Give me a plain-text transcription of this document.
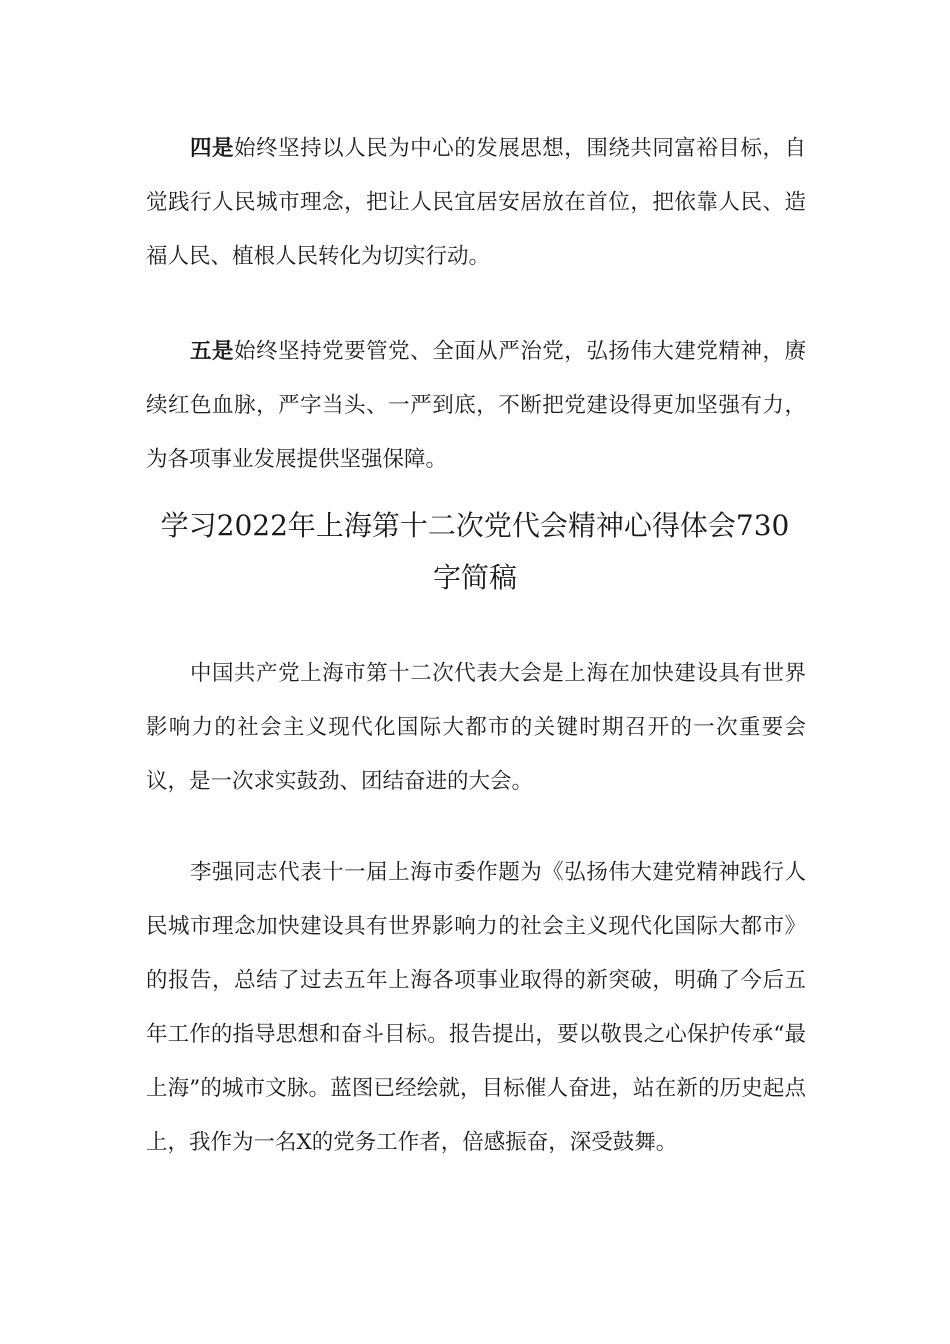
四是始终坚持以人民为中心的发展思想，围绕共同富裕目标，自觉践行人民城市理念，把让人民宜居安居放在首位，把依靠人民、造福人民、植根人民转化为切实行动。

五是始终坚持党要管党、全面从严治党，弘扬伟大建党精神，赓续红色血脉，严字当头、一严到底，不断把党建设得更加坚强有力，为各项事业发展提供坚强保障。

学习2022年上海第十二次党代会精神心得体会730
字简稿

中国共产党上海市第十二次代表大会是上海在加快建设具有世界影响力的社会主义现代化国际大都市的关键时期召开的一次重要会议，是一次求实鼓劲、团结奋进的大会。

李强同志代表十一届上海市委作题为《弘扬伟大建党精神践行人民城市理念加快建设具有世界影响力的社会主义现代化国际大都市》的报告，总结了过去五年上海各项事业取得的新突破，明确了今后五年工作的指导思想和奋斗目标。报告提出，要以敬畏之心保护传承“最上海”的城市文脉。蓝图已经绘就，目标催人奋进，站在新的历史起点上，我作为一名X的党务工作者，倍感振奋，深受鼓舞。
